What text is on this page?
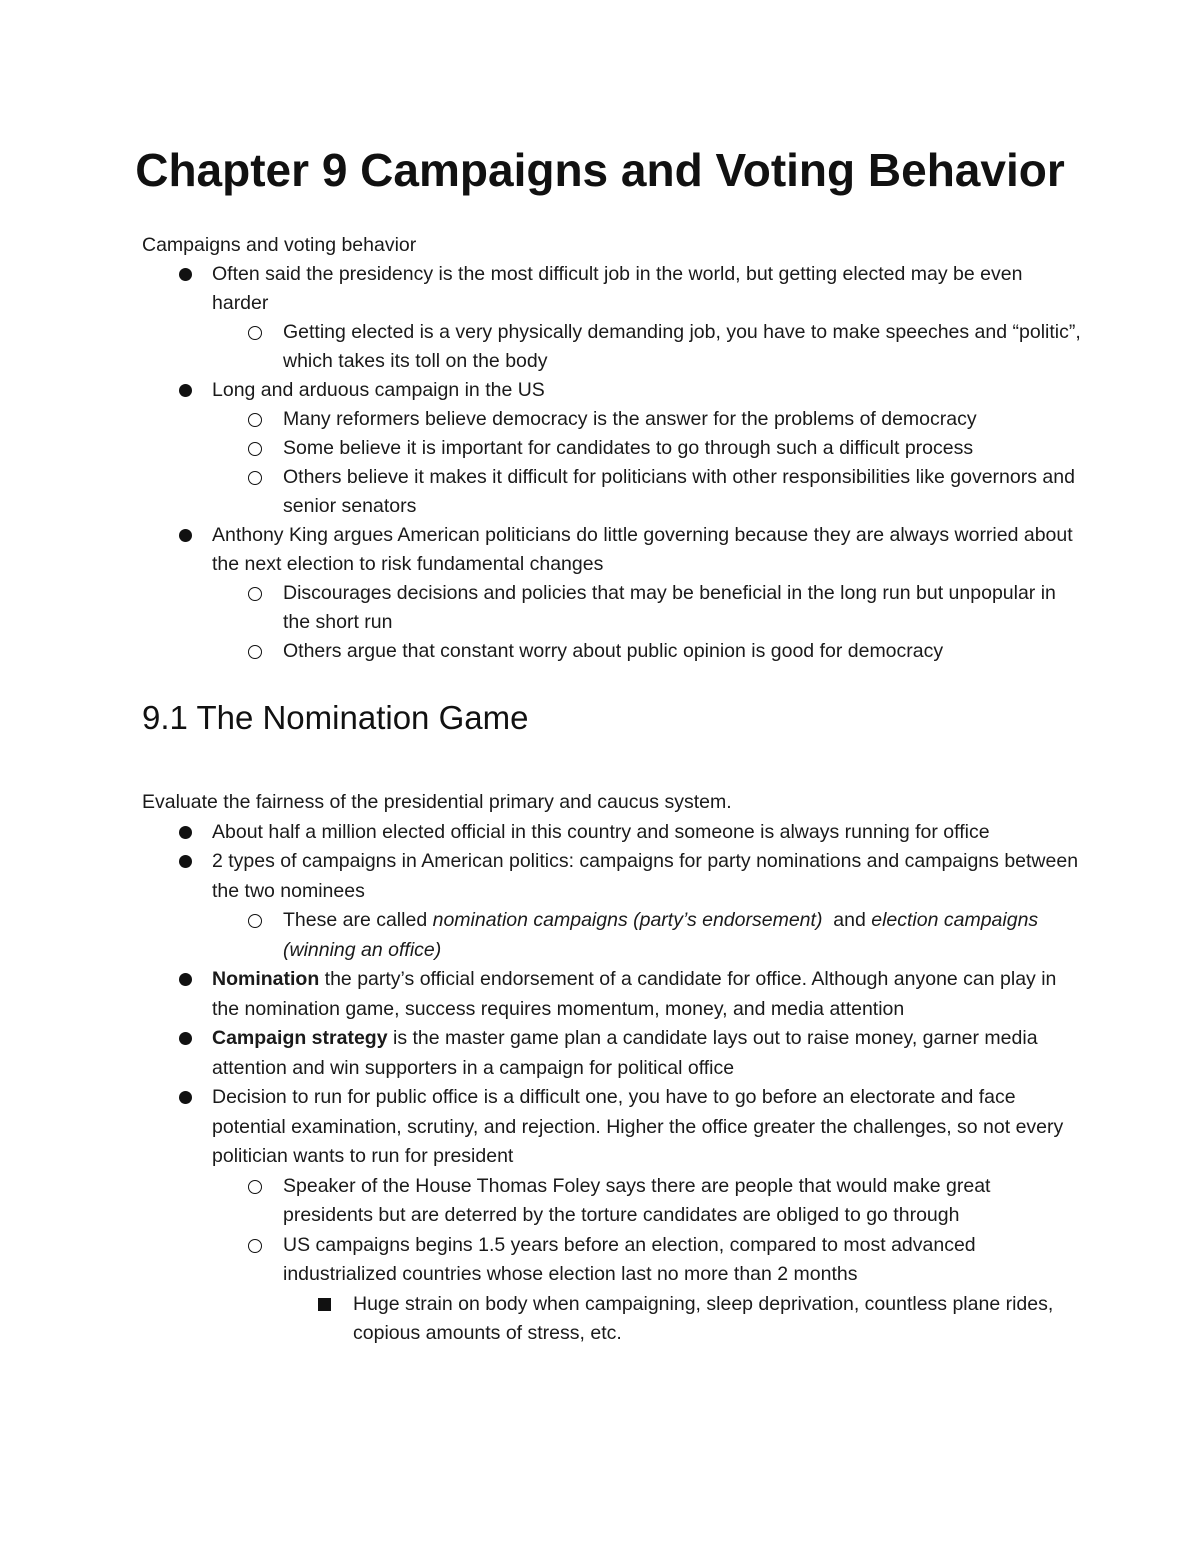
Chapter 9 Campaigns and Voting Behavior

Campaigns and voting behavior

Often said the presidency is the most difficult job in the world, but getting elected may be even harder
Getting elected is a very physically demanding job, you have to make speeches and “politic”, which takes its toll on the body
Long and arduous campaign in the US
Many reformers believe democracy is the answer for the problems of democracy
Some believe it is important for candidates to go through such a difficult process
Others believe it makes it difficult for politicians with other responsibilities like governors and senior senators
Anthony King argues American politicians do little governing because they are always worried about the next election to risk fundamental changes
Discourages decisions and policies that may be beneficial in the long run but unpopular in the short run
Others argue that constant worry about public opinion is good for democracy
9.1 The Nomination Game

Evaluate the fairness of the presidential primary and caucus system.

About half a million elected official in this country and someone is always running for office
2 types of campaigns in American politics: campaigns for party nominations and campaigns between the two nominees
These are called nomination campaigns (party’s endorsement)  and election campaigns (winning an office)
Nomination the party’s official endorsement of a candidate for office. Although anyone can play in the nomination game, success requires momentum, money, and media attention
Campaign strategy is the master game plan a candidate lays out to raise money, garner media attention and win supporters in a campaign for political office
Decision to run for public office is a difficult one, you have to go before an electorate and face potential examination, scrutiny, and rejection. Higher the office greater the challenges, so not every politician wants to run for president
Speaker of the House Thomas Foley says there are people that would make great presidents but are deterred by the torture candidates are obliged to go through
US campaigns begins 1.5 years before an election, compared to most advanced industrialized countries whose election last no more than 2 months
Huge strain on body when campaigning, sleep deprivation, countless plane rides, copious amounts of stress, etc.
